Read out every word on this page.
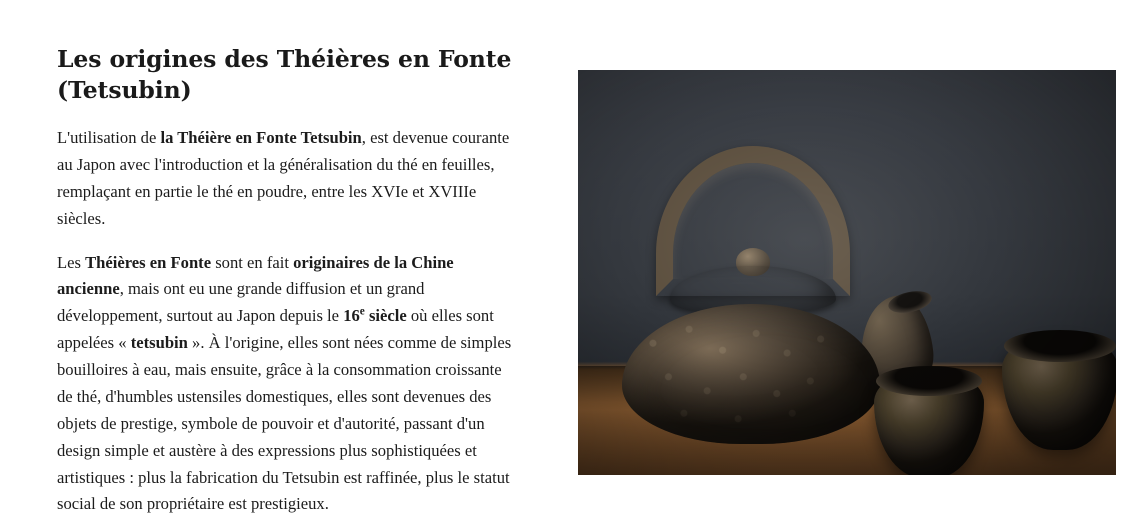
Les origines des Théières en Fonte (Tetsubin)

L'utilisation de la Théière en Fonte Tetsubin, est devenue courante au Japon avec l'introduction et la généralisation du thé en feuilles, remplaçant en partie le thé en poudre, entre les XVIe et XVIIIe siècles.

Les Théières en Fonte sont en fait originaires de la Chine ancienne, mais ont eu une grande diffusion et un grand développement, surtout au Japon depuis le 16e siècle où elles sont appelées « tetsubin ». À l'origine, elles sont nées comme de simples bouilloires à eau, mais ensuite, grâce à la consommation croissante de thé, d'humbles ustensiles domestiques, elles sont devenues des objets de prestige, symbole de pouvoir et d'autorité, passant d'un design simple et austère à des expressions plus sophistiquées et artistiques : plus la fabrication du Tetsubin est raffinée, plus le statut social de son propriétaire est prestigieux.
